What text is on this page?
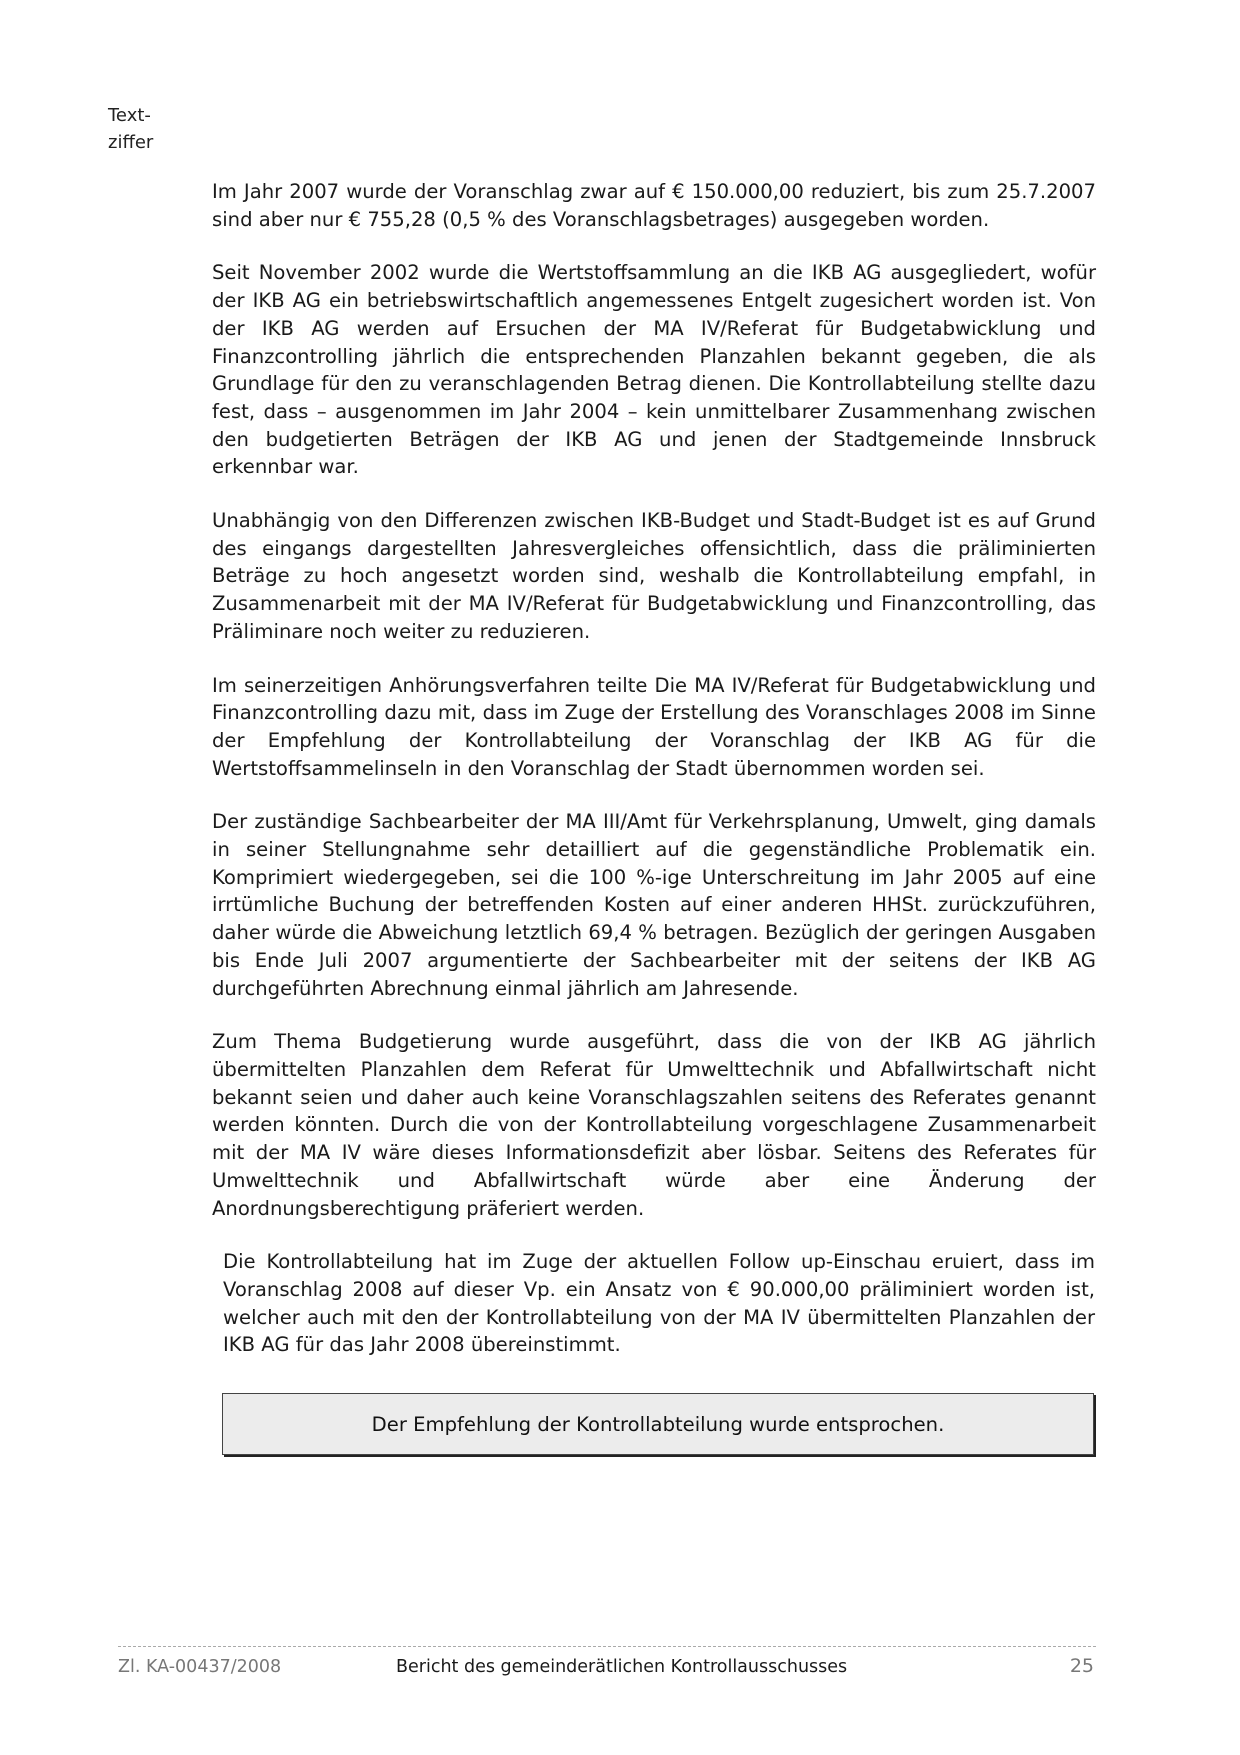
Text-
ziffer

Im Jahr 2007 wurde der Voranschlag zwar auf € 150.000,00 reduziert, bis zum 25.7.2007 sind aber nur € 755,28 (0,5 % des Voranschlagsbetrages) ausgegeben worden.

Seit November 2002 wurde die Wertstoffsammlung an die IKB AG ausgegliedert, wofür der IKB AG ein betriebswirtschaftlich angemessenes Entgelt zugesichert worden ist. Von der IKB AG werden auf Ersuchen der MA IV/Referat für Budgetabwicklung und Finanzcontrolling jährlich die entsprechenden Planzahlen bekannt gegeben, die als Grundlage für den zu veranschlagenden Betrag dienen. Die Kontrollabteilung stellte dazu fest, dass – ausgenommen im Jahr 2004 – kein unmittelbarer Zusammenhang zwischen den budgetierten Beträgen der IKB AG und jenen der Stadtgemeinde Innsbruck erkennbar war.

Unabhängig von den Differenzen zwischen IKB-Budget und Stadt-Budget ist es auf Grund des eingangs dargestellten Jahresvergleiches offensichtlich, dass die präliminierten Beträge zu hoch angesetzt worden sind, weshalb die Kontrollabteilung empfahl, in Zusammenarbeit mit der MA IV/Referat für Budgetabwicklung und Finanzcontrolling, das Präliminare noch weiter zu reduzieren.

Im seinerzeitigen Anhörungsverfahren teilte Die MA IV/Referat für Budgetabwicklung und Finanzcontrolling dazu mit, dass im Zuge der Erstellung des Voranschlages 2008 im Sinne der Empfehlung der Kontrollabteilung der Voranschlag der IKB AG für die Wertstoffsammelinseln in den Voranschlag der Stadt übernommen worden sei.

Der zuständige Sachbearbeiter der MA III/Amt für Verkehrsplanung, Umwelt, ging damals in seiner Stellungnahme sehr detailliert auf die gegenständliche Problematik ein. Komprimiert wiedergegeben, sei die 100 %-ige Unterschreitung im Jahr 2005 auf eine irrtümliche Buchung der betreffenden Kosten auf einer anderen HHSt. zurückzuführen, daher würde die Abweichung letztlich 69,4 % betragen. Bezüglich der geringen Ausgaben bis Ende Juli 2007 argumentierte der Sachbearbeiter mit der seitens der IKB AG durchgeführten Abrechnung einmal jährlich am Jahresende.

Zum Thema Budgetierung wurde ausgeführt, dass die von der IKB AG jährlich übermittelten Planzahlen dem Referat für Umwelttechnik und Abfallwirtschaft nicht bekannt seien und daher auch keine Voranschlagszahlen seitens des Referates genannt werden könnten. Durch die von der Kontrollabteilung vorgeschlagene Zusammenarbeit mit der MA IV wäre dieses Informationsdefizit aber lösbar. Seitens des Referates für Umwelttechnik und Abfallwirtschaft würde aber eine Änderung der Anordnungsberechtigung präferiert werden.

Die Kontrollabteilung hat im Zuge der aktuellen Follow up-Einschau eruiert, dass im Voranschlag 2008 auf dieser Vp. ein Ansatz von € 90.000,00 präliminiert worden ist, welcher auch mit den der Kontrollabteilung von der MA IV übermittelten Planzahlen der IKB AG für das Jahr 2008 übereinstimmt.

Der Empfehlung der Kontrollabteilung wurde entsprochen.
Zl. KA-00437/2008	Bericht des gemeinderätlichen Kontrollausschusses	25
